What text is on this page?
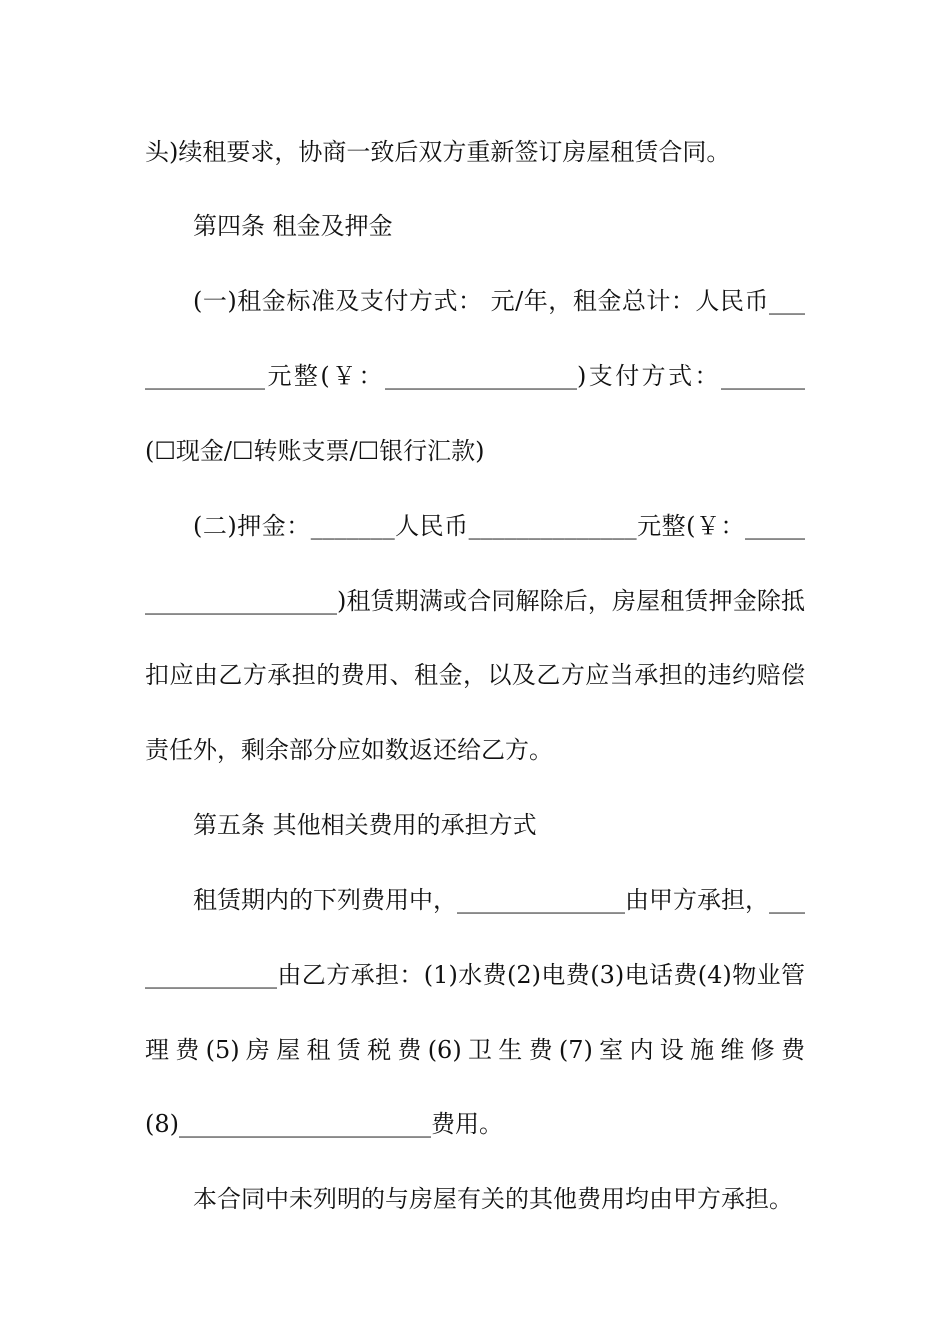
头)续租要求，协商一致后双方重新签订房屋租赁合同。
第四条 租金及押金
(一)租金标准及支付方式： 元/年，租金总计：人民币___
__________元整(￥：________________)支付方式：_______
(☐现金/☐转账支票/☐银行汇款)
(二)押金：_______人民币______________元整(￥：_____
________________)租赁期满或合同解除后，房屋租赁押金除抵
扣应由乙方承担的费用、租金，以及乙方应当承担的违约赔偿
责任外，剩余部分应如数返还给乙方。
第五条 其他相关费用的承担方式
租赁期内的下列费用中，______________由甲方承担，___
___________由乙方承担：(1)水费(2)电费(3)电话费(4)物业管
理费(5)房屋租赁税费(6)卫生费(7)室内设施维修费
(8)_____________________费用。
本合同中未列明的与房屋有关的其他费用均由甲方承担。
